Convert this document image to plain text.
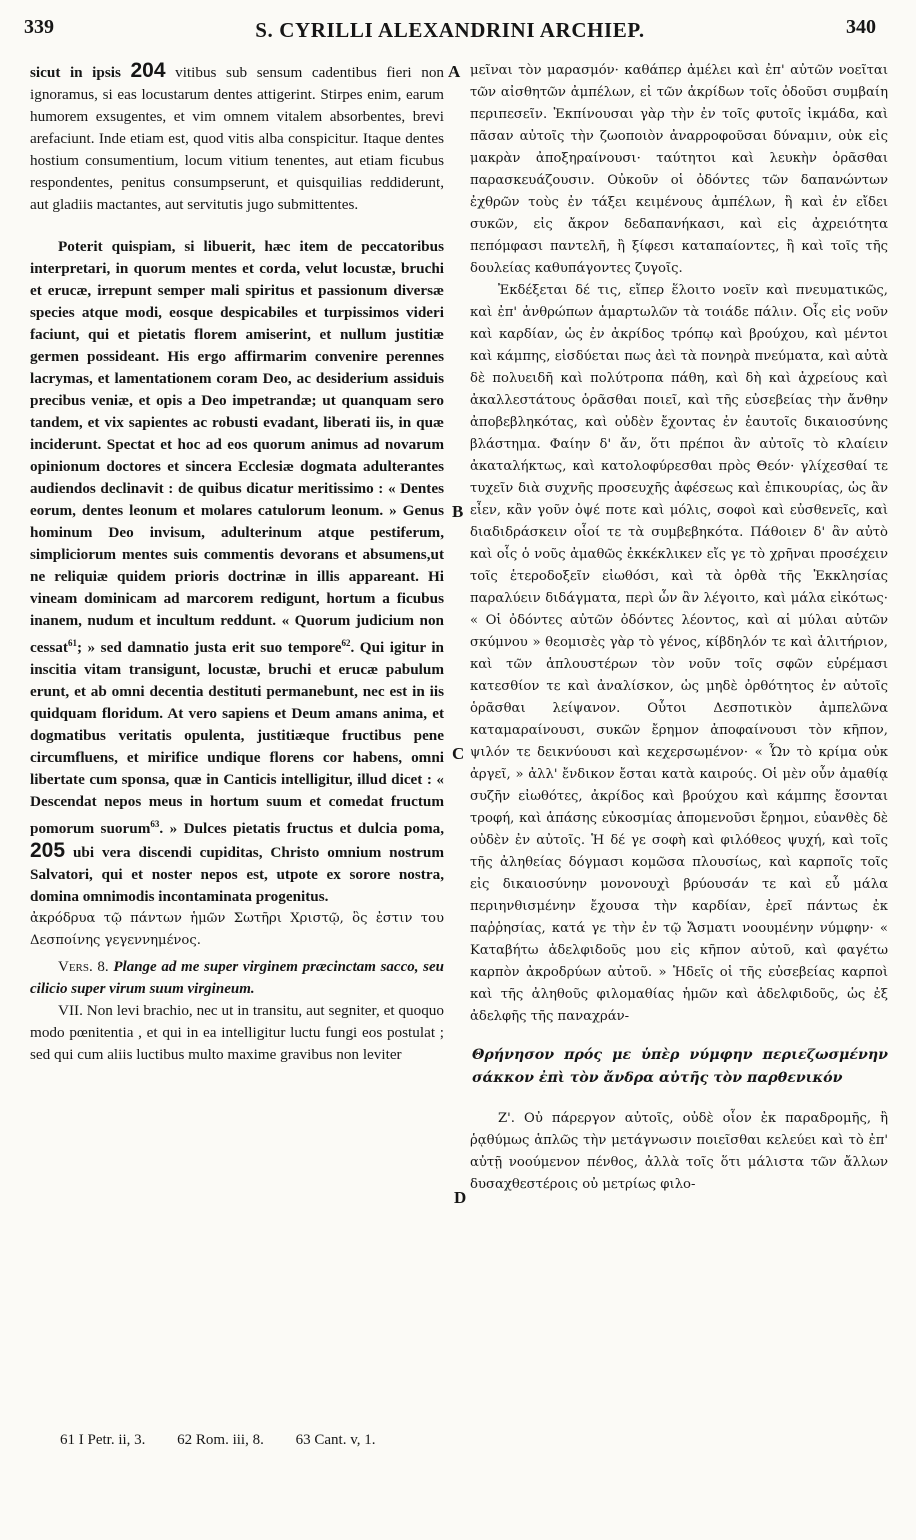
339	S. CYRILLI ALEXANDRINI ARCHIEP.	340
A
B
C
D

sicut in ipsis 204 vitibus sub sensum cadentibus fieri non ignoramus, si eas locustarum dentes attigerint. Stirpes enim, earum humorem exsugentes, et vim omnem vitalem absorbentes, brevi arefaciunt. Inde etiam est, quod vitis alba conspicitur. Itaque dentes hostium consumentium, locum vitium tenentes, aut etiam ficubus respondentes, penitus consumpserunt, et quisquilias reddiderunt, aut gladiis mactantes, aut servitutis jugo submittentes.

Poterit quispiam, si libuerit, hæc item de peccatoribus interpretari, in quorum mentes et corda, velut locustæ, bruchi et erucæ, irrepunt semper mali spiritus et passionum diversæ species atque modi, eosque despicabiles et turpissimos videri faciunt, qui et pietatis florem amiserint, et nullum justitiæ germen possideant. His ergo affirmarim convenire perennes lacrymas, et lamentationem coram Deo, ac desiderium assiduis precibus veniæ, et opis a Deo impetrandæ; ut quanquam sero tandem, et vix sapientes ac robusti evadant, liberati iis, in quæ inciderunt. Spectat et hoc ad eos quorum animus ad novarum opinionum doctores et sincera Ecclesiæ dogmata adulterantes audiendos declinavit : de quibus dicatur meritissimo : « Dentes eorum, dentes leonum et molares catulorum leonum. » Genus hominum Deo invisum, adulterinum atque pestiferum, simpliciorum mentes suis commentis devorans et absumens,ut ne reliquiæ quidem prioris doctrinæ in illis appareant. Hi vineam dominicam ad marcorem redigunt, hortum a ficubus inanem, nudum et incultum reddunt. « Quorum judicium non cessat$^{61}$; » sed damnatio justa erit suo tempore$^{62}$. Qui igitur in inscitia vitam transigunt, locustæ, bruchi et erucæ pabulum erunt, et ab omni decentia destituti permanebunt, nec est in iis quidquam floridum. At vero sapiens et Deum amans anima, et dogmatibus veritatis opulenta, justitiæque fructibus pene circumfluens, et mirifice undique florens cor habens, omni libertate cum sponsa, quæ in Canticis intelligitur, illud dicet : « Descendat nepos meus in hortum suum et comedat fructum pomorum suorum$^{63}$. » Dulces pietatis fructus et dulcia poma, 205 ubi vera discendi cupiditas, Christo omnium nostrum Salvatori, qui et noster nepos est, utpote ex sorore nostra, domina omnimodis incontaminata progenitus.

ἀκρόδρυα τῷ πάντων ἡμῶν Σωτῆρι Χριστῷ, ὃς ἐστιν του Δεσποίνης γεγεννημένος.

Vers. 8. Plange ad me super virginem præcinctam sacco, seu cilicio super virum suum virgineum.

VII. Non levi brachio, nec ut in transitu, aut segniter, et quoquo modo pœnitentia , et qui in ea intelligitur luctu fungi eos postulat ; sed qui cum aliis luctibus multo maxime gravibus non leviter

μεῖναι τὸν μαρασμόν· καθάπερ ἀμέλει καὶ ἐπ' αὐτῶν νοεῖται τῶν αἰσθητῶν ἀμπέλων, εἰ τῶν ἀκρίδων τοῖς ὀδοῦσι συμβαίη περιπεσεῖν. Ἐκπίνουσαι γὰρ τὴν ἐν τοῖς φυτοῖς ἰκμάδα, καὶ πᾶσαν αὐτοῖς τὴν ζωοποιὸν ἀναρροφοῦσαι δύναμιν, οὐκ εἰς μακρὰν ἀποξηραίνουσι· ταύτητοι καὶ λευκὴν ὁρᾶσθαι παρασκευάζουσιν. Οὐκοῦν οἱ ὀδόντες τῶν δαπανώντων ἐχθρῶν τοὺς ἐν τάξει κειμένους ἀμπέλων, ἢ καὶ ἐν εἴδει συκῶν, εἰς ἄκρον δεδαπανήκασι, καὶ εἰς ἀχρειότητα πεπόμφασι παντελῆ, ἢ ξίφεσι καταπαίοντες, ἢ καὶ τοῖς τῆς δουλείας καθυπάγοντες ζυγοῖς.

Ἐκδέξεται δέ τις, εἴπερ ἕλοιτο νοεῖν καὶ πνευματικῶς, καὶ ἐπ' ἀνθρώπων ἁμαρτωλῶν τὰ τοιάδε πάλιν. Οἷς εἰς νοῦν καὶ καρδίαν, ὡς ἐν ἀκρίδος τρόπῳ καὶ βρούχου, καὶ μέντοι καὶ κάμπης, εἰσδύεται πως ἀεὶ τὰ πονηρὰ πνεύματα, καὶ αὐτὰ δὲ πολυειδῆ καὶ πολύτροπα πάθη, καὶ δὴ καὶ ἀχρείους καὶ ἀκαλλεστάτους ὁρᾶσθαι ποιεῖ, καὶ τῆς εὐσεβείας τὴν ἄνθην ἀποβεβληκότας, καὶ οὐδὲν ἔχοντας ἐν ἑαυτοῖς δικαιοσύνης βλάστημα. Φαίην δ' ἄν, ὅτι πρέποι ἂν αὐτοῖς τὸ κλαίειν ἀκαταλήκτως, καὶ κατολοφύρεσθαι πρὸς Θεόν· γλίχεσθαί τε τυχεῖν διὰ συχνῆς προσευχῆς ἀφέσεως καὶ ἐπικουρίας, ὡς ἂν εἶεν, κἂν γοῦν ὀψέ ποτε καὶ μόλις, σοφοὶ καὶ εὐσθενεῖς, καὶ διαδιδράσκειν οἷοί τε τὰ συμβεβηκότα. Πάθοιεν δ' ἂν αὐτὸ καὶ οἷς ὁ νοῦς ἀμαθῶς ἐκκέκλικεν εἴς γε τὸ χρῆναι προσέχειν τοῖς ἑτεροδοξεῖν εἰωθόσι, καὶ τὰ ὀρθὰ τῆς Ἐκκλησίας παραλύειν διδάγματα, περὶ ὧν ἂν λέγοιτο, καὶ μάλα εἰκότως· « Οἱ ὀδόντες αὐτῶν ὀδόντες λέοντος, καὶ αἱ μύλαι αὐτῶν σκύμνου » θεομισὲς γὰρ τὸ γένος, κίβδηλόν τε καὶ ἀλιτήριον, καὶ τῶν ἁπλουστέρων τὸν νοῦν τοῖς σφῶν εὑρέμασι κατεσθίον τε καὶ ἀναλίσκον, ὡς μηδὲ ὀρθότητος ἐν αὐτοῖς ὁρᾶσθαι λείψανον. Οὗτοι Δεσποτικὸν ἀμπελῶνα καταμαραίνουσι, συκῶν ἔρημον ἀποφαίνουσι τὸν κῆπον, ψιλόν τε δεικνύουσι καὶ κεχερσωμένον· « Ὧν τὸ κρίμα οὐκ ἀργεῖ, » ἀλλ' ἔνδικον ἔσται κατὰ καιρούς. Οἱ μὲν οὖν ἀμαθίᾳ συζῆν εἰωθότες, ἀκρίδος καὶ βρούχου καὶ κάμπης ἔσονται τροφή, καὶ ἁπάσης εὐκοσμίας ἀπομενοῦσι ἔρημοι, εὐανθὲς δὲ οὐδὲν ἐν αὐτοῖς. Ἡ δέ γε σοφὴ καὶ φιλόθεος ψυχή, καὶ τοῖς τῆς ἀληθείας δόγμασι κομῶσα πλουσίως, καὶ καρποῖς τοῖς εἰς δικαιοσύνην μονονουχὶ βρύουσάν τε καὶ εὖ μάλα περιηνθισμένην ἔχουσα τὴν καρδίαν, ἐρεῖ πάντως ἐκ παῤῥησίας, κατά γε τὴν ἐν τῷ Ἄσματι νοουμένην νύμφην· « Καταβήτω ἀδελφιδοῦς μου εἰς κῆπον αὐτοῦ, καὶ φαγέτω καρπὸν ἀκροδρύων αὐτοῦ. » Ἡδεῖς οἱ τῆς εὐσεβείας καρποὶ καὶ τῆς ἀληθοῦς φιλομαθίας ἡμῶν καὶ ἀδελφιδοῦς, ὡς ἐξ ἀδελφῆς τῆς παναχράν-

Θρήνησον πρός με ὑπὲρ νύμφην περιεζωσμένην σάκκον ἐπὶ τὸν ἄνδρα αὐτῆς τὸν παρθενικόν

Ζ'. Οὐ πάρεργον αὐτοῖς, οὐδὲ οἷον ἐκ παραδρομῆς, ἢ ῥᾳθύμως ἁπλῶς τὴν μετάγνωσιν ποιεῖσθαι κελεύει καὶ τὸ ἐπ' αὐτῇ νοούμενον πένθος, ἀλλὰ τοῖς ὅτι μάλιστα τῶν ἄλλων δυσαχθεστέροις οὐ μετρίως φιλο-

61 I Petr. ii, 3. 62 Rom. iii, 8. 63 Cant. v, 1.
